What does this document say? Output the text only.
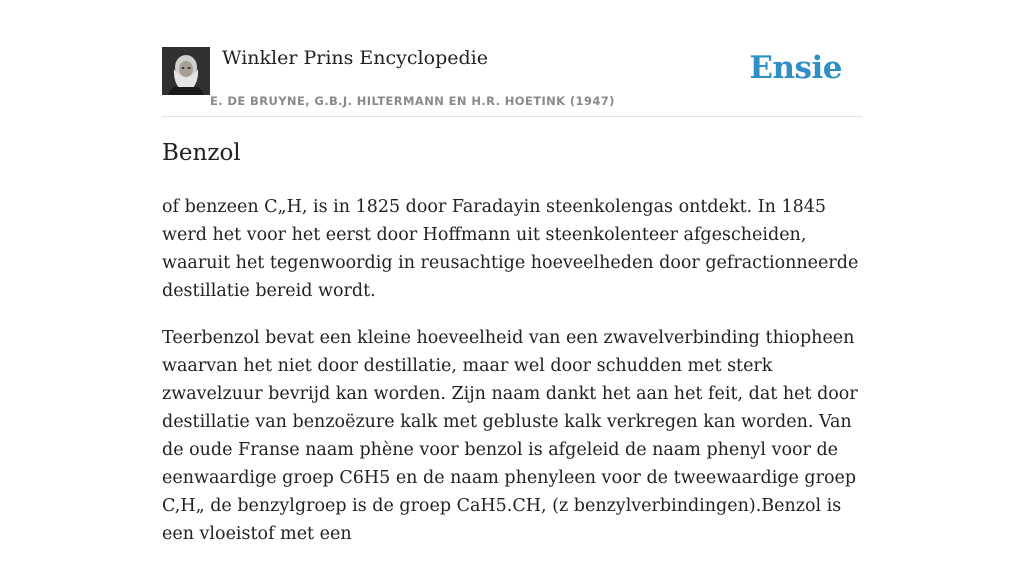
Winkler Prins Encyclopedie
E. DE BRUYNE, G.B.J. HILTERMANN EN H.R. HOETINK (1947)
Ensie
Benzol

of benzeen C„H, is in 1825 door Faradayin steenkolengas ontdekt. In 1845 werd het voor het eerst door Hoffmann uit steenkolenteer afgescheiden, waaruit het tegenwoordig in reusachtige hoeveelheden door gefractionneerde destillatie bereid wordt.

Teerbenzol bevat een kleine hoeveelheid van een zwavelverbinding thiopheen waarvan het niet door destillatie, maar wel door schudden met sterk zwavelzuur bevrijd kan worden. Zijn naam dankt het aan het feit, dat het door destillatie van benzoëzure kalk met gebluste kalk verkregen kan worden. Van de oude Franse naam phène voor benzol is afgeleid de naam phenyl voor de eenwaardige groep C6H5 en de naam phenyleen voor de tweewaardige groep C,H„ de benzylgroep is de groep CaH5.CH, (z benzylverbindingen).Benzol is een vloeistof met een
